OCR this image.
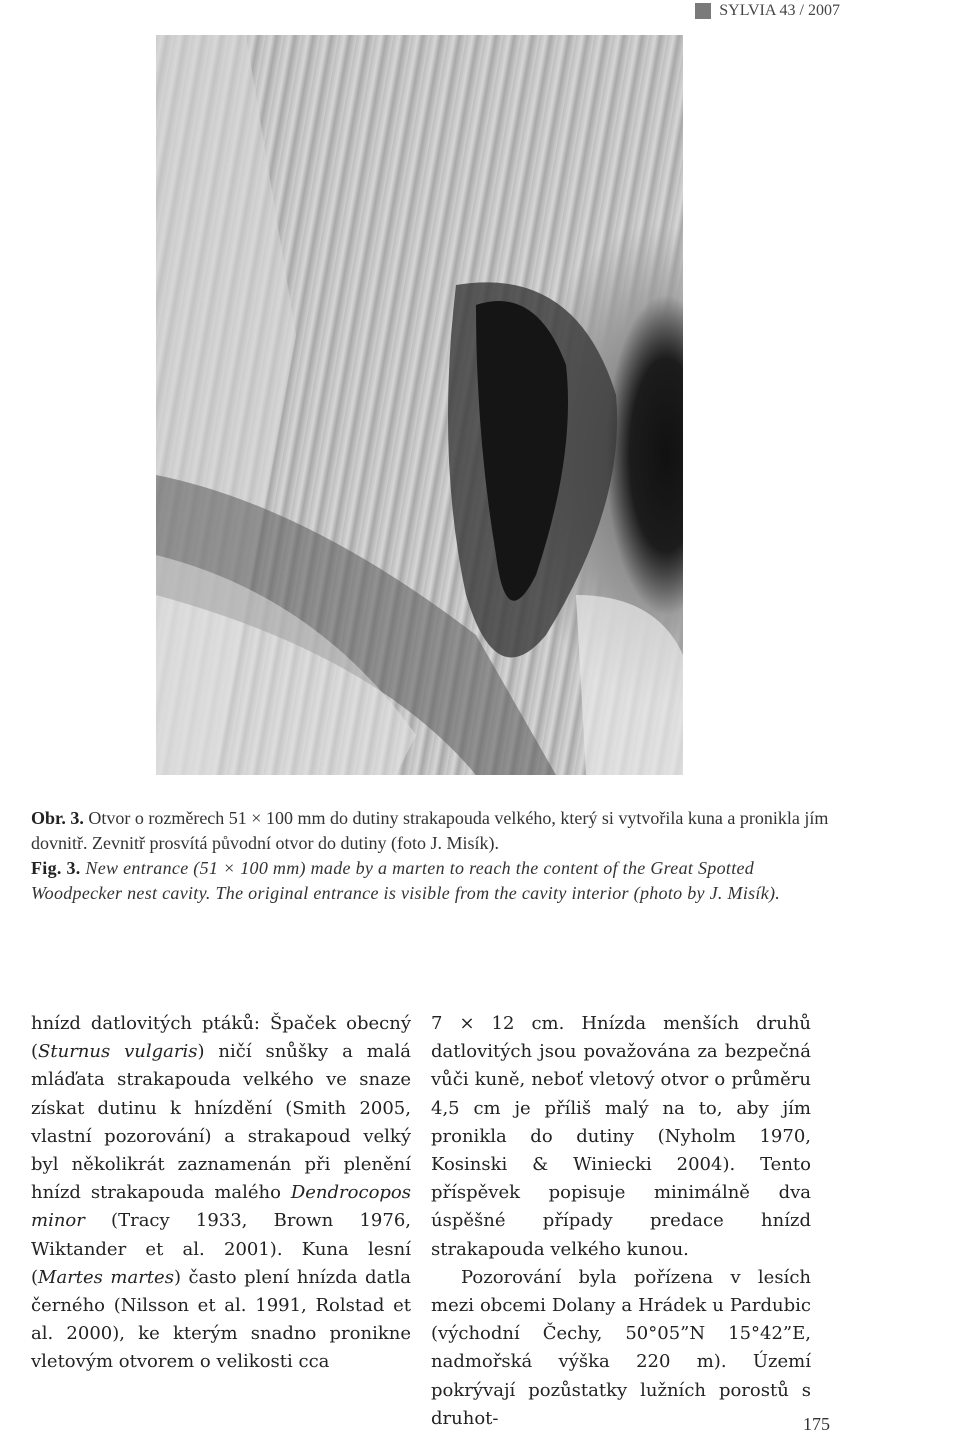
SYLVIA 43 / 2007
Obr. 3. Otvor o rozměrech 51 × 100 mm do dutiny strakapouda velkého, který si vytvořila kuna a pronikla jím dovnitř. Zevnitř prosvítá původní otvor do dutiny (foto J. Misík).
Fig. 3. New entrance (51 × 100 mm) made by a marten to reach the content of the Great Spotted Woodpecker nest cavity. The original entrance is visible from the cavity interior (photo by J. Misík).

hnízd datlovitých ptáků: Špaček obecný (Sturnus vulgaris) ničí snůšky a malá mláďata strakapouda velkého ve snaze získat dutinu k hnízdění (Smith 2005, vlastní pozorování) a strakapoud velký byl několikrát zaznamenán při plenění hnízd strakapouda malého Dendrocopos minor (Tracy 1933, Brown 1976, Wiktander et al. 2001). Kuna lesní (Martes martes) často plení hnízda datla černého (Nilsson et al. 1991, Rolstad et al. 2000), ke kterým snadno pronikne vletovým otvorem o velikosti cca

7 × 12 cm. Hnízda menších druhů datlovitých jsou považována za bezpečná vůči kuně, neboť vletový otvor o průměru 4,5 cm je příliš malý na to, aby jím pronikla do dutiny (Nyholm 1970, Kosinski & Winiecki 2004). Tento příspěvek popisuje minimálně dva úspěšné případy predace hnízd strakapouda velkého kunou.

Pozorování byla pořízena v lesích mezi obcemi Dolany a Hrádek u Pardubic (východní Čechy, 50°05”N 15°42”E, nadmořská výška 220 m). Území pokrývají pozůstatky lužních porostů s druhot-	175
